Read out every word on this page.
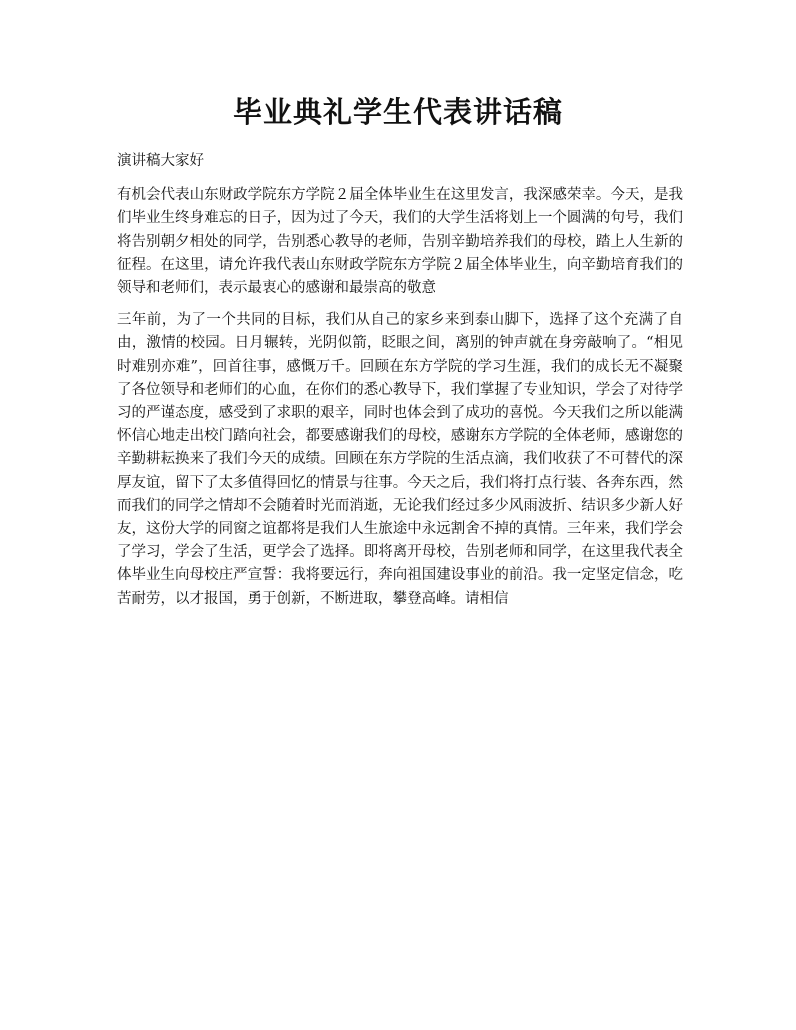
毕业典礼学生代表讲话稿

演讲稿大家好

有机会代表山东财政学院东方学院２届全体毕业生在这里发言，我深感荣幸。今天，是我们毕业生终身难忘的日子，因为过了今天，我们的大学生活将划上一个圆满的句号，我们将告别朝夕相处的同学，告别悉心教导的老师，告别辛勤培养我们的母校，踏上人生新的征程。在这里，请允许我代表山东财政学院东方学院２届全体毕业生，向辛勤培育我们的领导和老师们，表示最衷心的感谢和最崇高的敬意

三年前，为了一个共同的目标，我们从自己的家乡来到泰山脚下，选择了这个充满了自由，激情的校园。日月辗转，光阴似箭，眨眼之间，离别的钟声就在身旁敲响了。“相见时难别亦难”，回首往事，感慨万千。回顾在东方学院的学习生涯，我们的成长无不凝聚了各位领导和老师们的心血，在你们的悉心教导下，我们掌握了专业知识，学会了对待学习的严谨态度，感受到了求职的艰辛，同时也体会到了成功的喜悦。今天我们之所以能满怀信心地走出校门踏向社会，都要感谢我们的母校，感谢东方学院的全体老师，感谢您的辛勤耕耘换来了我们今天的成绩。回顾在东方学院的生活点滴，我们收获了不可替代的深厚友谊，留下了太多值得回忆的情景与往事。今天之后，我们将打点行装、各奔东西，然而我们的同学之情却不会随着时光而消逝，无论我们经过多少风雨波折、结识多少新人好友，这份大学的同窗之谊都将是我们人生旅途中永远割舍不掉的真情。三年来，我们学会了学习，学会了生活，更学会了选择。即将离开母校，告别老师和同学，在这里我代表全体毕业生向母校庄严宣誓：我将要远行，奔向祖国建设事业的前沿。我一定坚定信念，吃苦耐劳，以才报国，勇于创新，不断进取，攀登高峰。请相信
